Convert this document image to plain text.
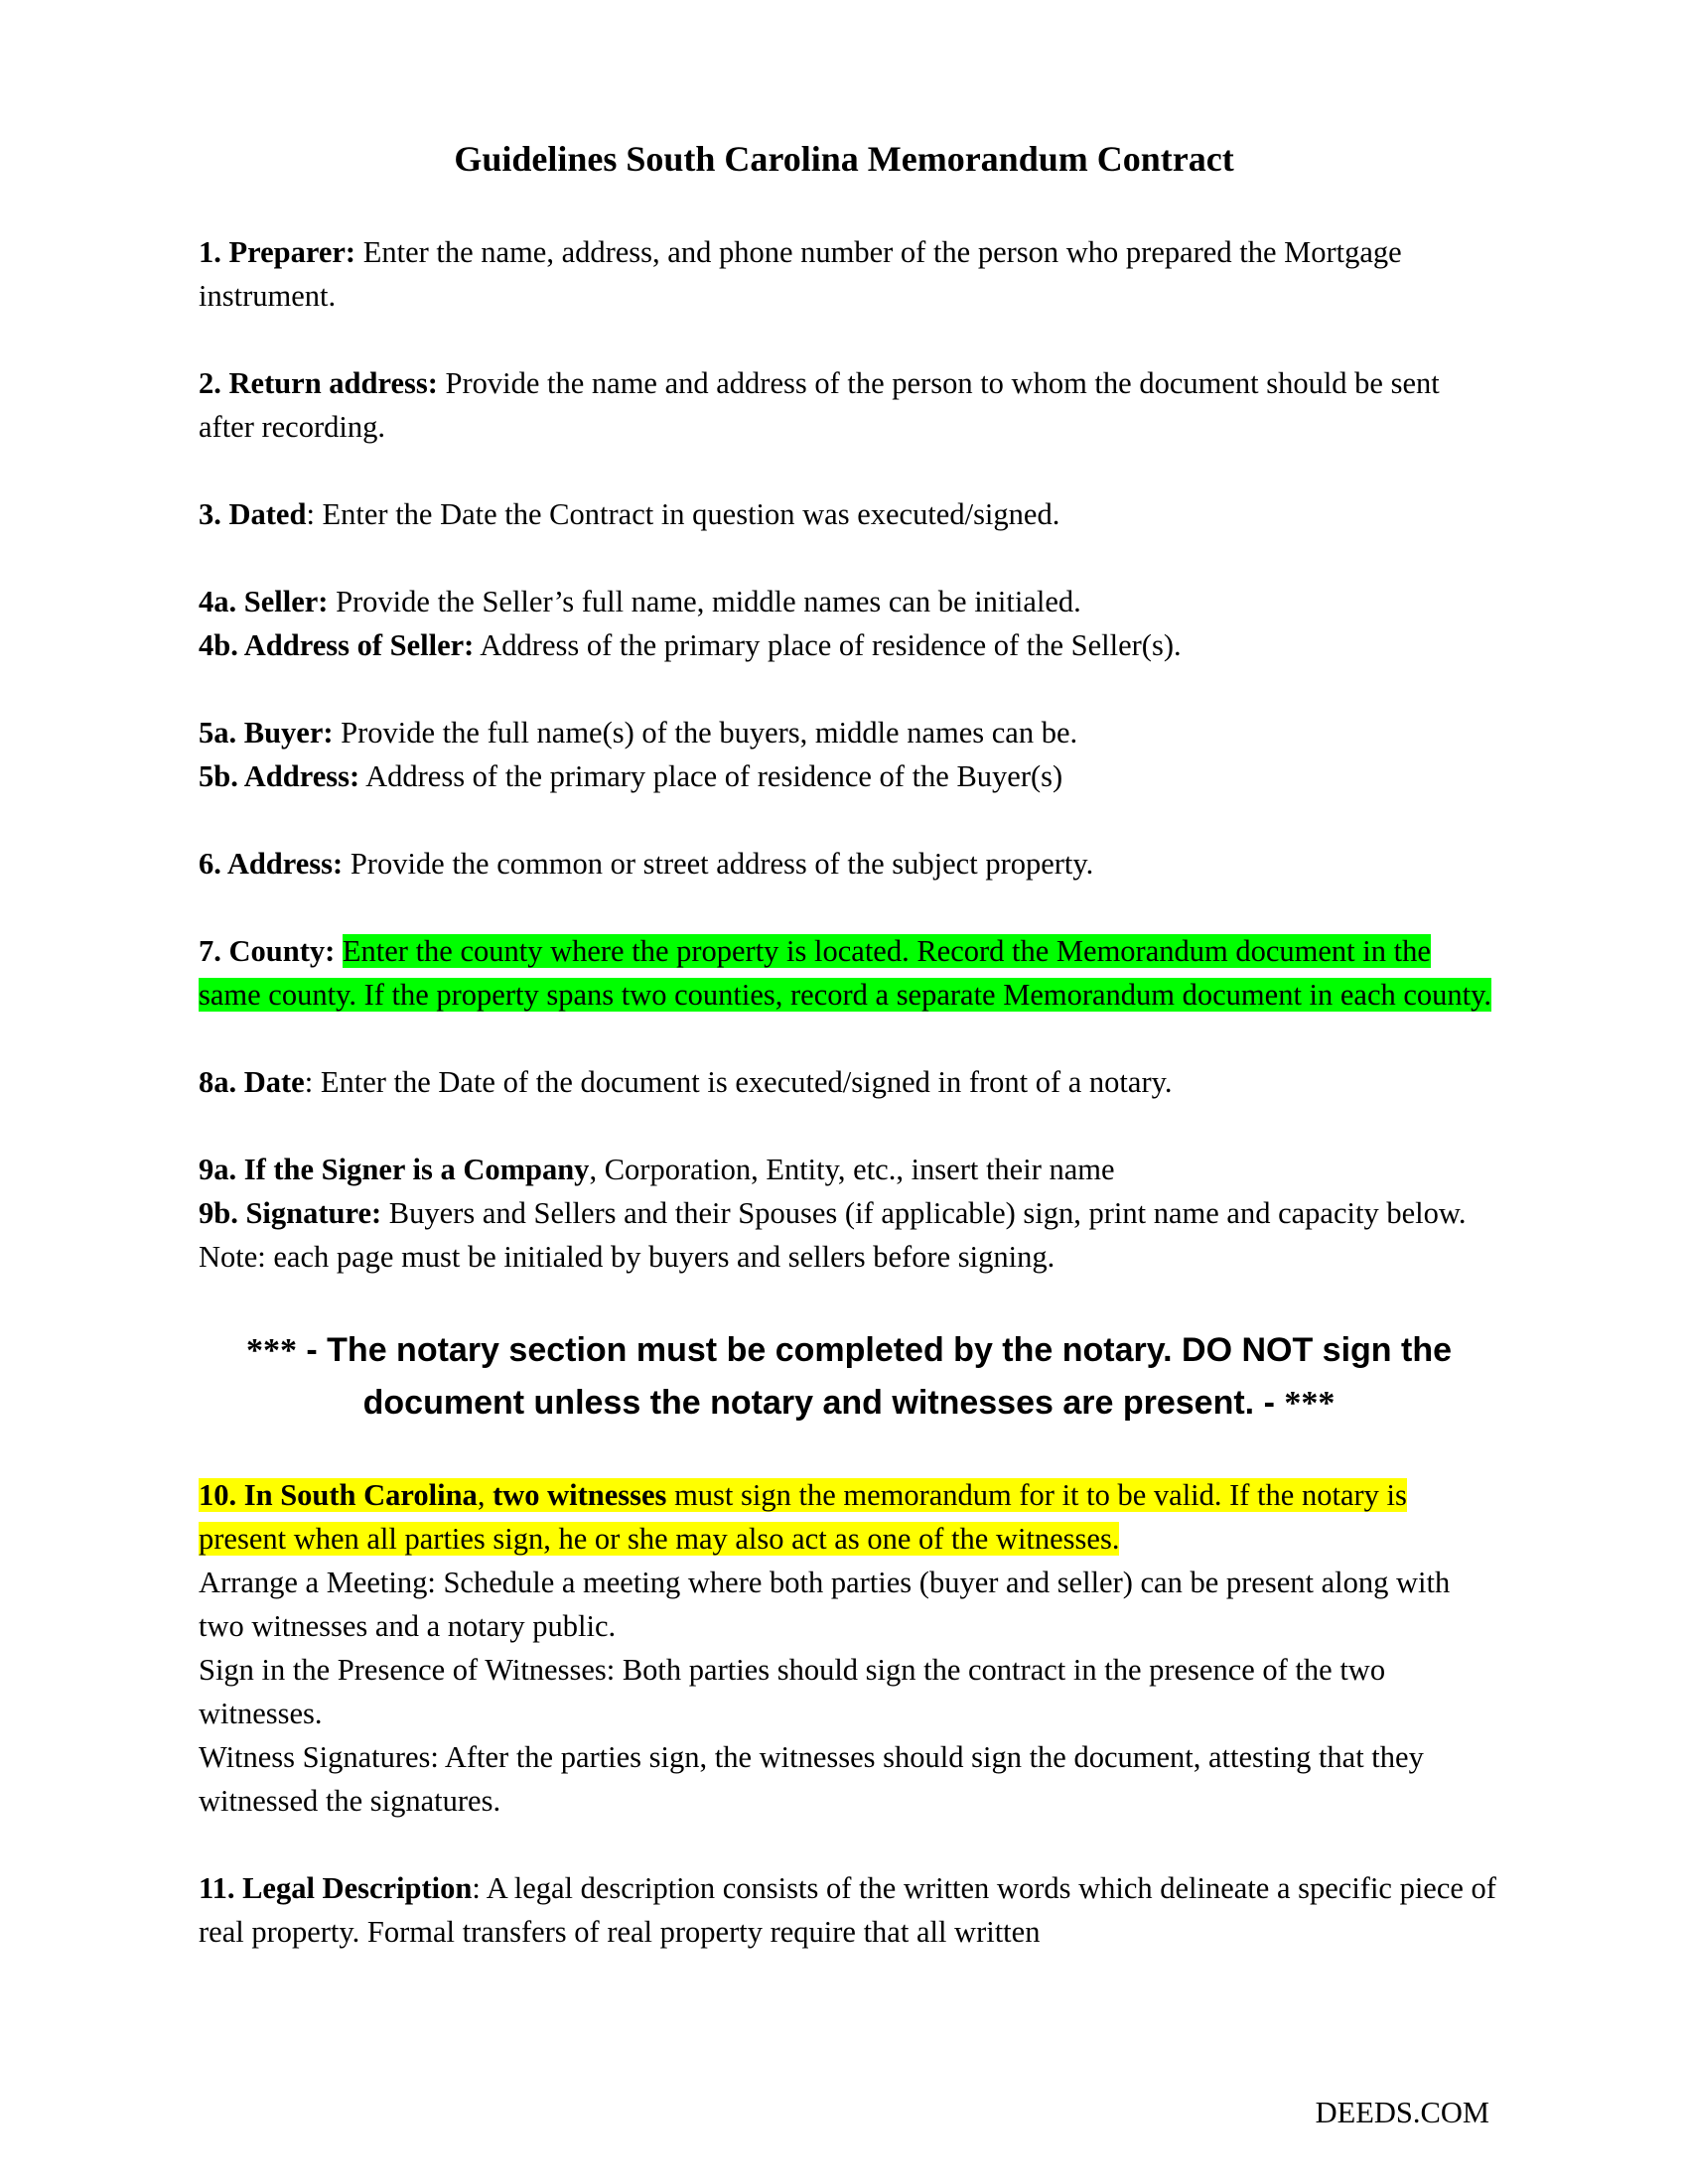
Guidelines South Carolina Memorandum Contract

1. Preparer: Enter the name, address, and phone number of the person who prepared the Mortgage instrument.

2. Return address: Provide the name and address of the person to whom the document should be sent after recording.

3. Dated: Enter the Date the Contract in question was executed/signed.

4a. Seller: Provide the Seller’s full name, middle names can be initialed.

4b. Address of Seller: Address of the primary place of residence of the Seller(s).

5a. Buyer: Provide the full name(s) of the buyers, middle names can be.

5b. Address: Address of the primary place of residence of the Buyer(s)

6. Address: Provide the common or street address of the subject property.

7. County: Enter the county where the property is located. Record the Memorandum document in the same county. If the property spans two counties, record a separate Memorandum document in each county.

8a. Date: Enter the Date of the document is executed/signed in front of a notary.

9a. If the Signer is a Company, Corporation, Entity, etc., insert their name

9b. Signature: Buyers and Sellers and their Spouses (if applicable) sign, print name and capacity below. Note: each page must be initialed by buyers and sellers before signing.

*** - The notary section must be completed by the notary. DO NOT sign the document unless the notary and witnesses are present. - ***

10. In South Carolina, two witnesses must sign the memorandum for it to be valid. If the notary is present when all parties sign, he or she may also act as one of the witnesses.

Arrange a Meeting: Schedule a meeting where both parties (buyer and seller) can be present along with two witnesses and a notary public.

Sign in the Presence of Witnesses: Both parties should sign the contract in the presence of the two witnesses.

Witness Signatures: After the parties sign, the witnesses should sign the document, attesting that they witnessed the signatures.

11. Legal Description: A legal description consists of the written words which delineate a specific piece of real property. Formal transfers of real property require that all written

DEEDS.COM
